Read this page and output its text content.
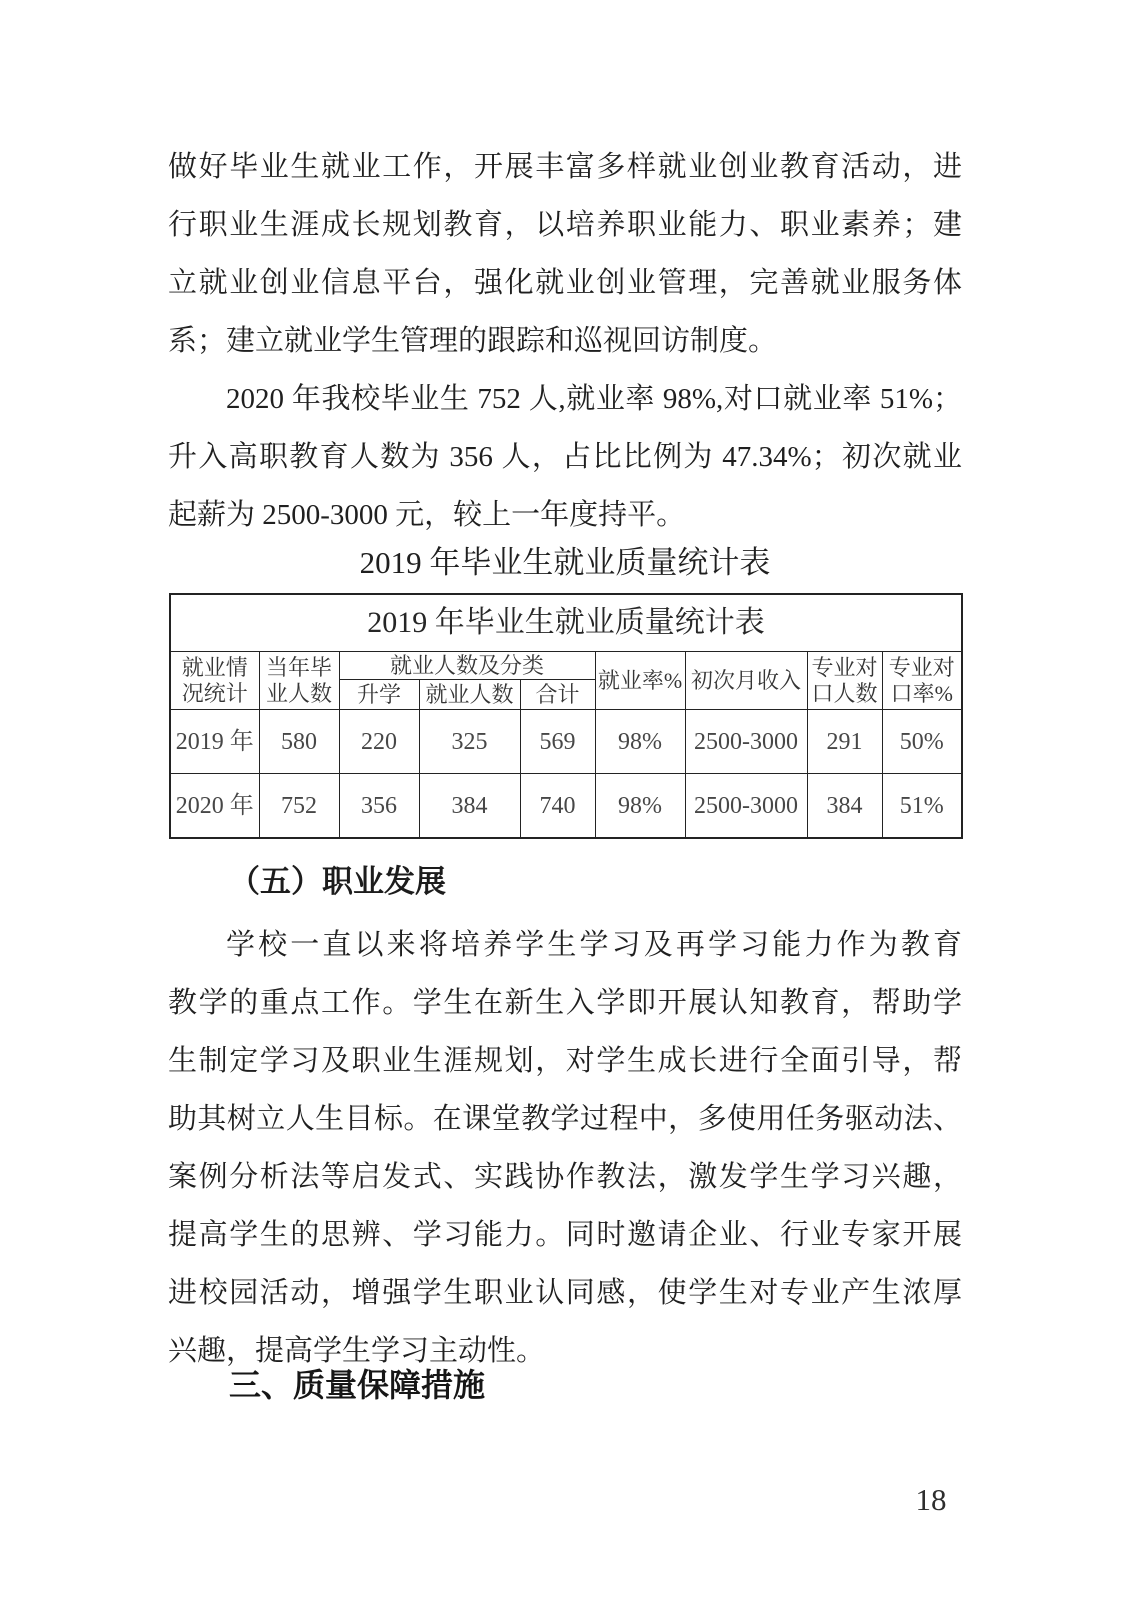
做好毕业生就业工作，开展丰富多样就业创业教育活动，进
行职业生涯成长规划教育，以培养职业能力、职业素养；建
立就业创业信息平台，强化就业创业管理，完善就业服务体
系；建立就业学生管理的跟踪和巡视回访制度。
2020 年我校毕业生 752 人,就业率 98%,对口就业率 51%；
升入高职教育人数为 356 人，占比比例为 47.34%；初次就业
起薪为 2500-3000 元，较上一年度持平。
2019 年毕业生就业质量统计表
2019 年毕业生就业质量统计表								
就业情况统计	当年毕业人数	就业人数及分类			就业率%	初次月收入	专业对口人数	专业对口率%
		升学	就业人数	合计				
2019 年	580	220	325	569	98%	2500-3000	291	50%
2020 年	752	356	384	740	98%	2500-3000	384	51%
（五）职业发展
学校一直以来将培养学生学习及再学习能力作为教育
教学的重点工作。学生在新生入学即开展认知教育，帮助学
生制定学习及职业生涯规划，对学生成长进行全面引导，帮
助其树立人生目标。在课堂教学过程中，多使用任务驱动法、
案例分析法等启发式、实践协作教法，激发学生学习兴趣，
提高学生的思辨、学习能力。同时邀请企业、行业专家开展
进校园活动，增强学生职业认同感，使学生对专业产生浓厚
兴趣，提高学生学习主动性。
三、质量保障措施
18
